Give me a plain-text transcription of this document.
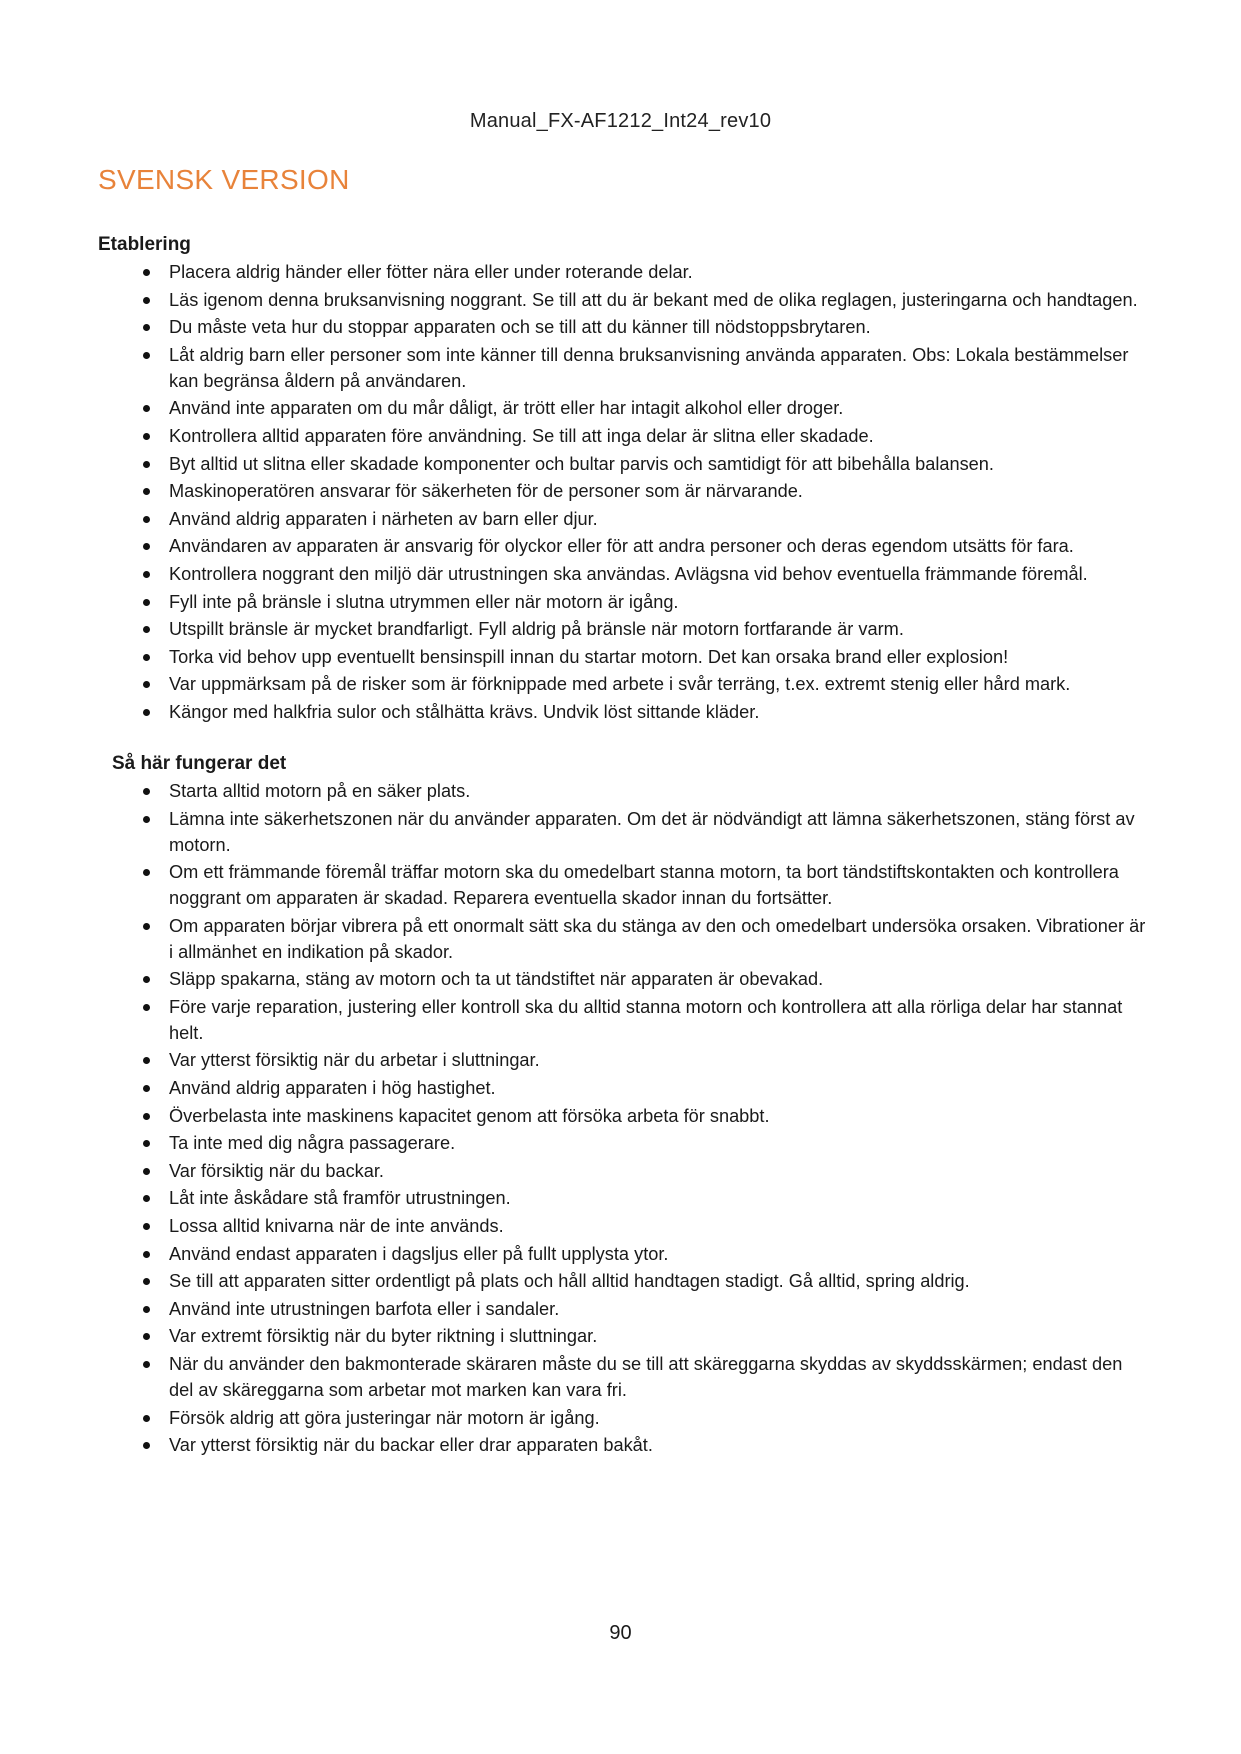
Manual_FX-AF1212_Int24_rev10
SVENSK VERSION
Etablering
Placera aldrig händer eller fötter nära eller under roterande delar.
Läs igenom denna bruksanvisning noggrant. Se till att du är bekant med de olika reglagen, justeringarna och handtagen.
Du måste veta hur du stoppar apparaten och se till att du känner till nödstoppsbrytaren.
Låt aldrig barn eller personer som inte känner till denna bruksanvisning använda apparaten. Obs: Lokala bestämmelser kan begränsa åldern på användaren.
Använd inte apparaten om du mår dåligt, är trött eller har intagit alkohol eller droger.
Kontrollera alltid apparaten före användning. Se till att inga delar är slitna eller skadade.
Byt alltid ut slitna eller skadade komponenter och bultar parvis och samtidigt för att bibehålla balansen.
Maskinoperatören ansvarar för säkerheten för de personer som är närvarande.
Använd aldrig apparaten i närheten av barn eller djur.
Användaren av apparaten är ansvarig för olyckor eller för att andra personer och deras egendom utsätts för fara.
Kontrollera noggrant den miljö där utrustningen ska användas. Avlägsna vid behov eventuella främmande föremål.
Fyll inte på bränsle i slutna utrymmen eller när motorn är igång.
Utspillt bränsle är mycket brandfarligt. Fyll aldrig på bränsle när motorn fortfarande är varm.
Torka vid behov upp eventuellt bensinspill innan du startar motorn. Det kan orsaka brand eller explosion!
Var uppmärksam på de risker som är förknippade med arbete i svår terräng, t.ex. extremt stenig eller hård mark.
Kängor med halkfria sulor och stålhätta krävs. Undvik löst sittande kläder.
Så här fungerar det
Starta alltid motorn på en säker plats.
Lämna inte säkerhetszonen när du använder apparaten. Om det är nödvändigt att lämna säkerhetszonen, stäng först av motorn.
Om ett främmande föremål träffar motorn ska du omedelbart stanna motorn, ta bort tändstiftskontakten och kontrollera noggrant om apparaten är skadad. Reparera eventuella skador innan du fortsätter.
Om apparaten börjar vibrera på ett onormalt sätt ska du stänga av den och omedelbart undersöka orsaken. Vibrationer är i allmänhet en indikation på skador.
Släpp spakarna, stäng av motorn och ta ut tändstiftet när apparaten är obevakad.
Före varje reparation, justering eller kontroll ska du alltid stanna motorn och kontrollera att alla rörliga delar har stannat helt.
Var ytterst försiktig när du arbetar i sluttningar.
Använd aldrig apparaten i hög hastighet.
Överbelasta inte maskinens kapacitet genom att försöka arbeta för snabbt.
Ta inte med dig några passagerare.
Var försiktig när du backar.
Låt inte åskådare stå framför utrustningen.
Lossa alltid knivarna när de inte används.
Använd endast apparaten i dagsljus eller på fullt upplysta ytor.
Se till att apparaten sitter ordentligt på plats och håll alltid handtagen stadigt. Gå alltid, spring aldrig.
Använd inte utrustningen barfota eller i sandaler.
Var extremt försiktig när du byter riktning i sluttningar.
När du använder den bakmonterade skäraren måste du se till att skäreggarna skyddas av skyddsskärmen; endast den del av skäreggarna som arbetar mot marken kan vara fri.
Försök aldrig att göra justeringar när motorn är igång.
Var ytterst försiktig när du backar eller drar apparaten bakåt.
90
